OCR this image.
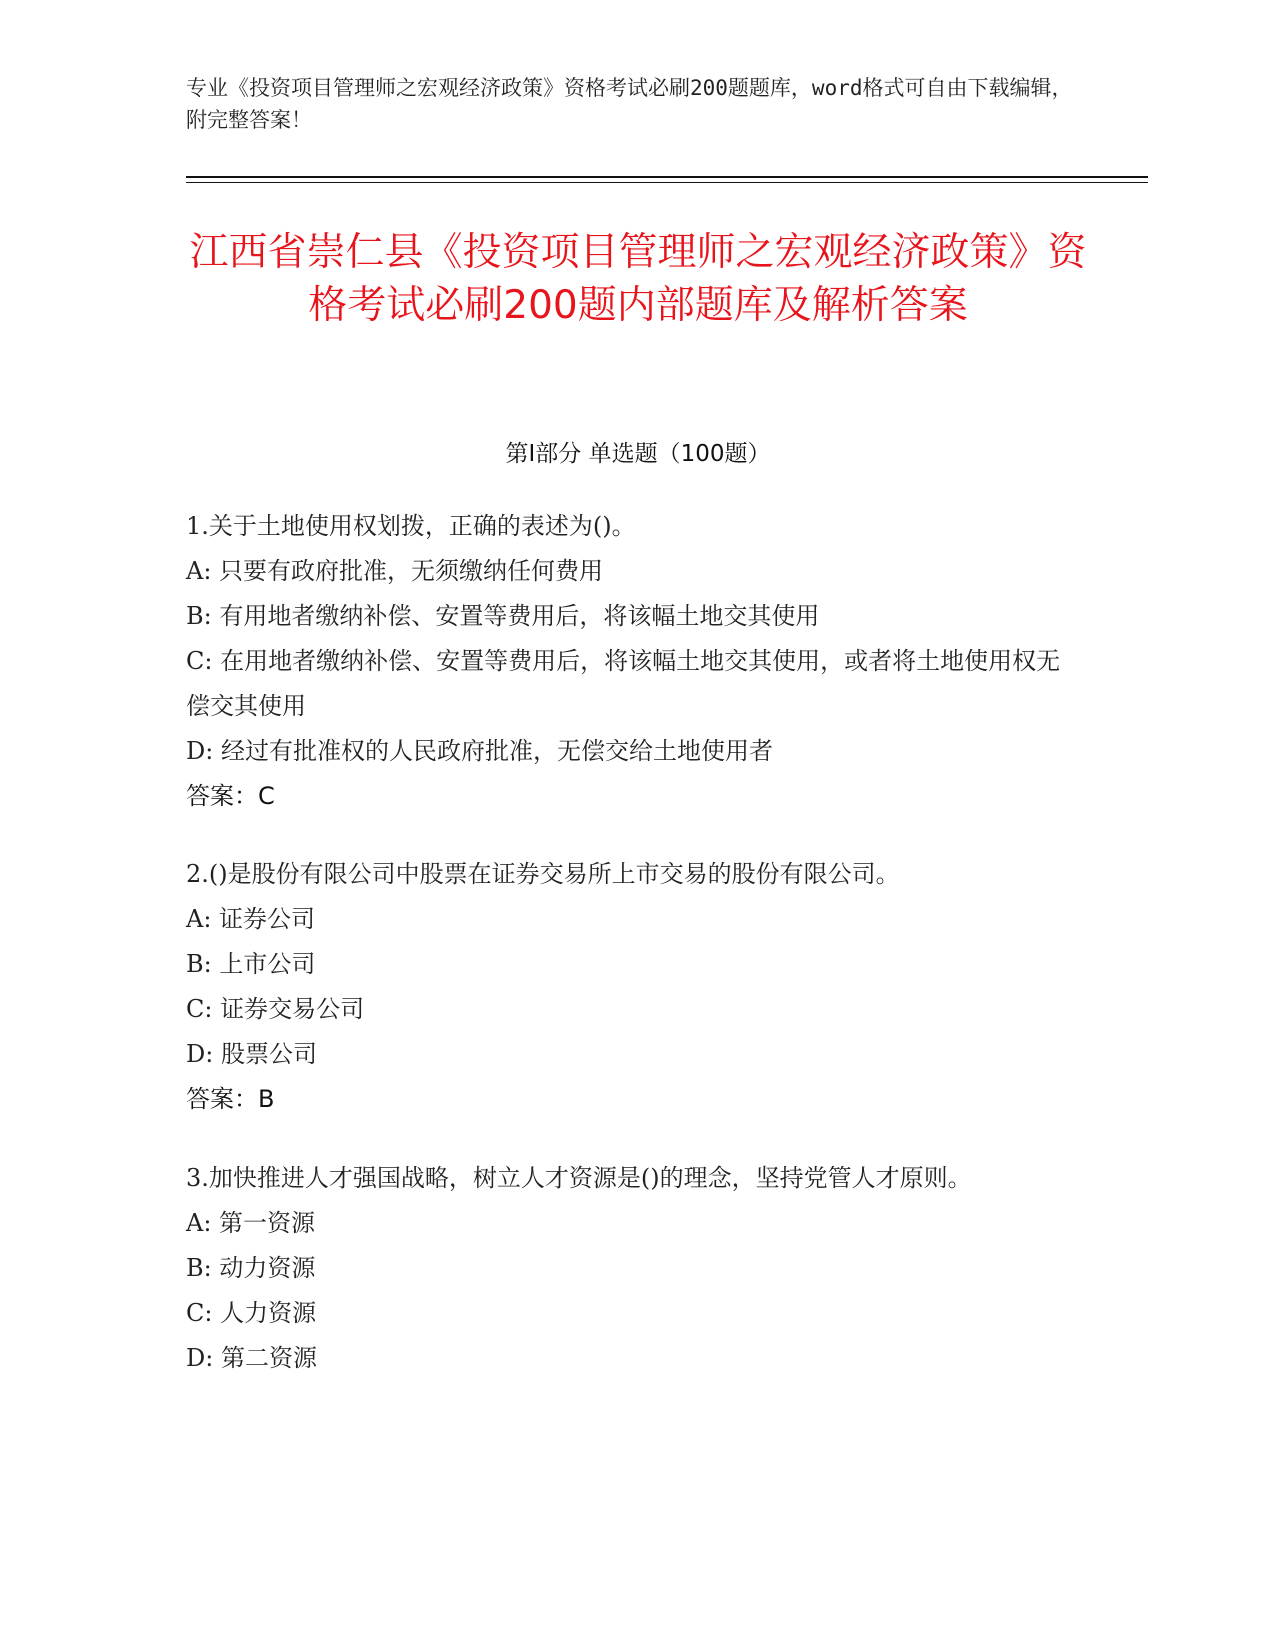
专业《投资项目管理师之宏观经济政策》资格考试必刷200题题库，word格式可自由下载编辑，附完整答案！

江西省崇仁县《投资项目管理师之宏观经济政策》资格考试必刷200题内部题库及解析答案
第I部分 单选题（100题）

1.关于土地使用权划拨，正确的表述为()。

A: 只要有政府批准，无须缴纳任何费用

B: 有用地者缴纳补偿、安置等费用后，将该幅土地交其使用

C: 在用地者缴纳补偿、安置等费用后，将该幅土地交其使用，或者将土地使用权无偿交其使用

D: 经过有批准权的人民政府批准，无偿交给土地使用者

答案：C

2.()是股份有限公司中股票在证券交易所上市交易的股份有限公司。

A: 证券公司

B: 上市公司

C: 证券交易公司

D: 股票公司

答案：B

3.加快推进人才强国战略，树立人才资源是()的理念，坚持党管人才原则。

A: 第一资源

B: 动力资源

C: 人力资源

D: 第二资源
